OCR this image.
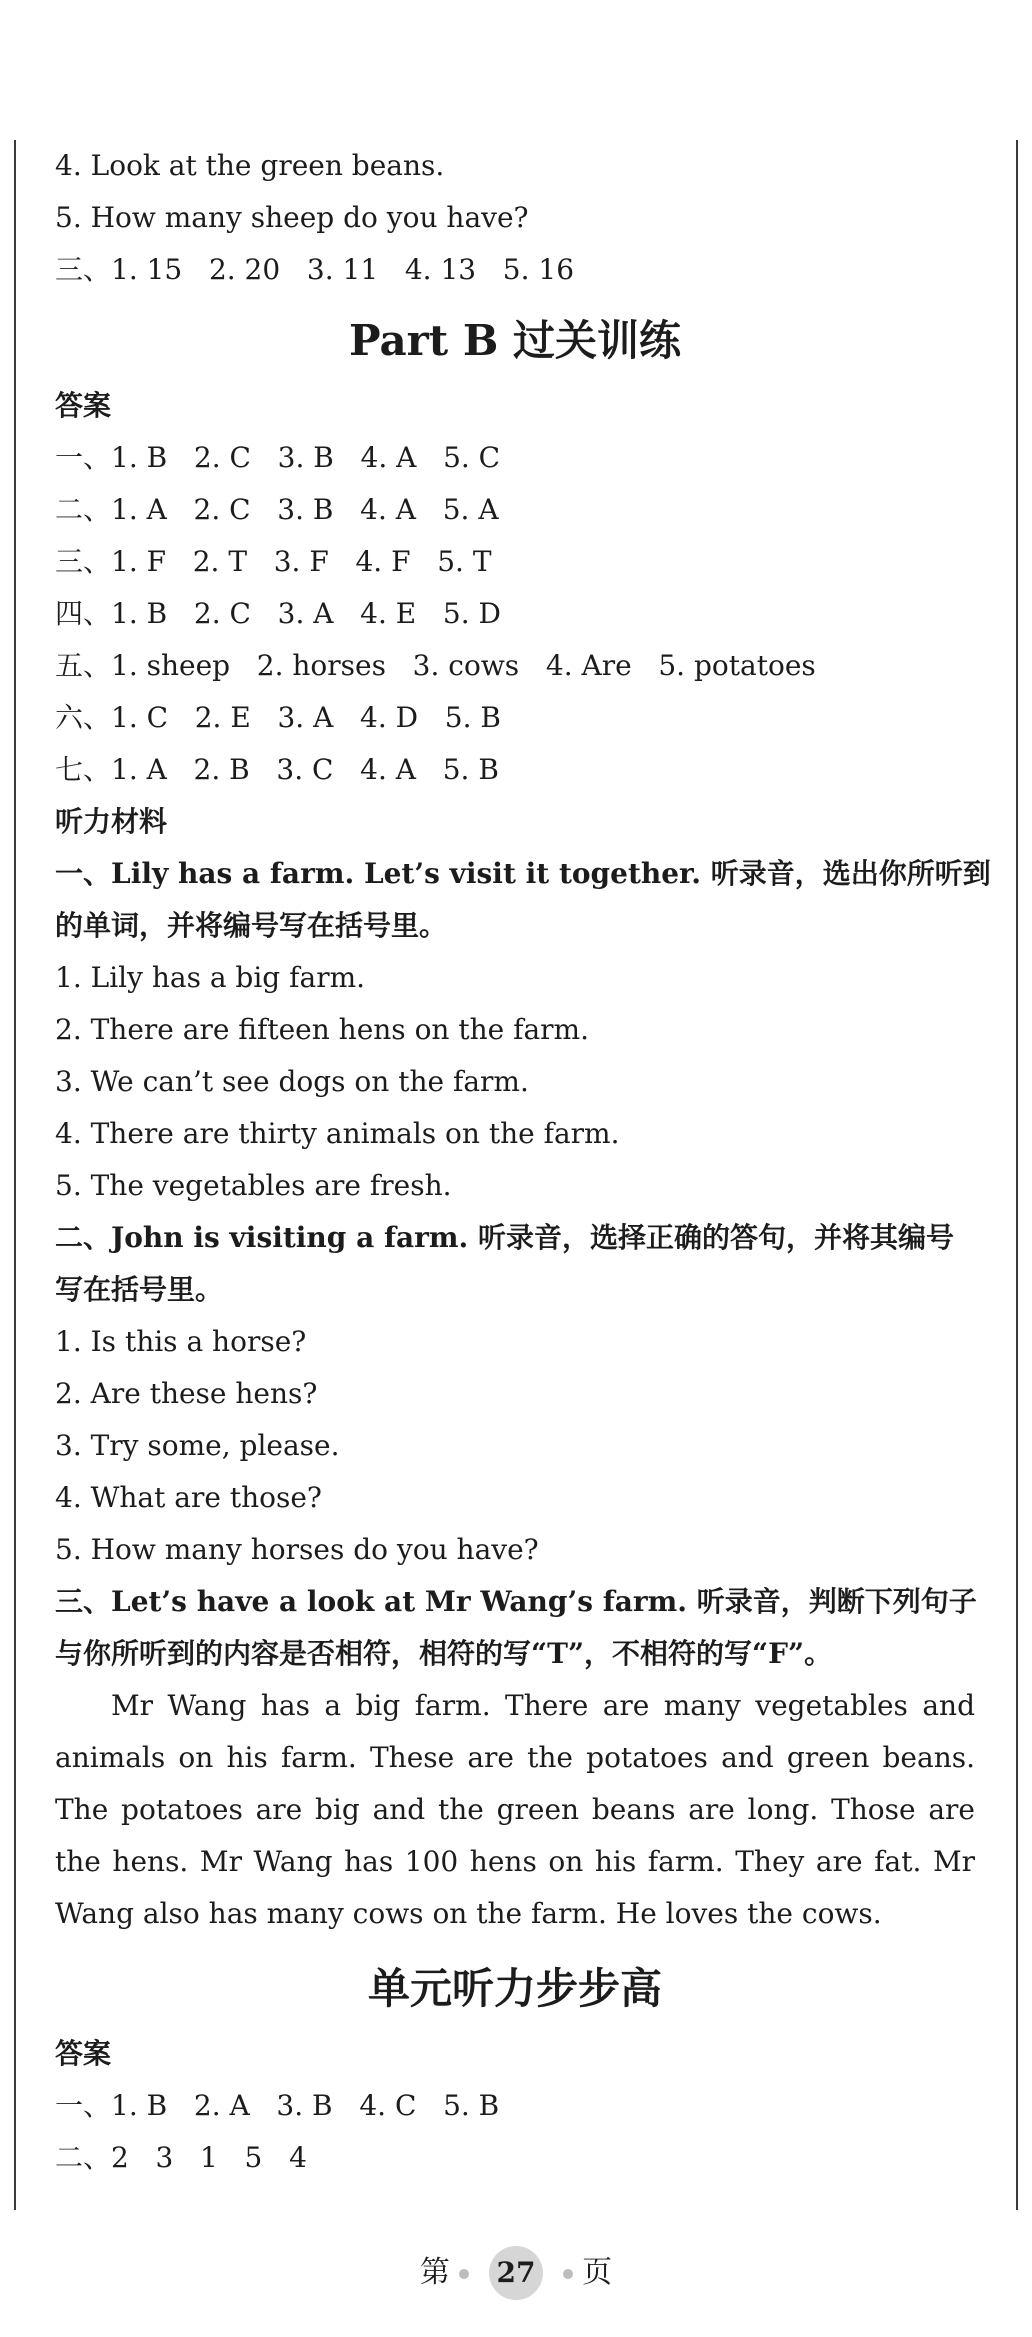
4. Look at the green beans.

5. How many sheep do you have?

三、1. 15   2. 20   3. 11   4. 13   5. 16

Part B 过关训练

答案

一、1. B   2. C   3. B   4. A   5. C

二、1. A   2. C   3. B   4. A   5. A

三、1. F   2. T   3. F   4. F   5. T

四、1. B   2. C   3. A   4. E   5. D

五、1. sheep   2. horses   3. cows   4. Are   5. potatoes

六、1. C   2. E   3. A   4. D   5. B

七、1. A   2. B   3. C   4. A   5. B

听力材料

一、Lily has a farm. Let’s visit it together. 听录音，选出你所听到

的单词，并将编号写在括号里。

1. Lily has a big farm.

2. There are fifteen hens on the farm.

3. We can’t see dogs on the farm.

4. There are thirty animals on the farm.

5. The vegetables are fresh.

二、John is visiting a farm. 听录音，选择正确的答句，并将其编号

写在括号里。

1. Is this a horse?

2. Are these hens?

3. Try some, please.

4. What are those?

5. How many horses do you have?

三、Let’s have a look at Mr Wang’s farm. 听录音，判断下列句子

与你所听到的内容是否相符，相符的写“T”，不相符的写“F”。

Mr Wang has a big farm. There are many vegetables and animals on his farm. These are the potatoes and green beans. The potatoes are big and the green beans are long. Those are the hens. Mr Wang has 100 hens on his farm. They are fat. Mr Wang also has many cows on the farm. He loves the cows.

单元听力步步高

答案

一、1. B   2. A   3. B   4. C   5. B

二、2   3   1   5   4

第 27 页
